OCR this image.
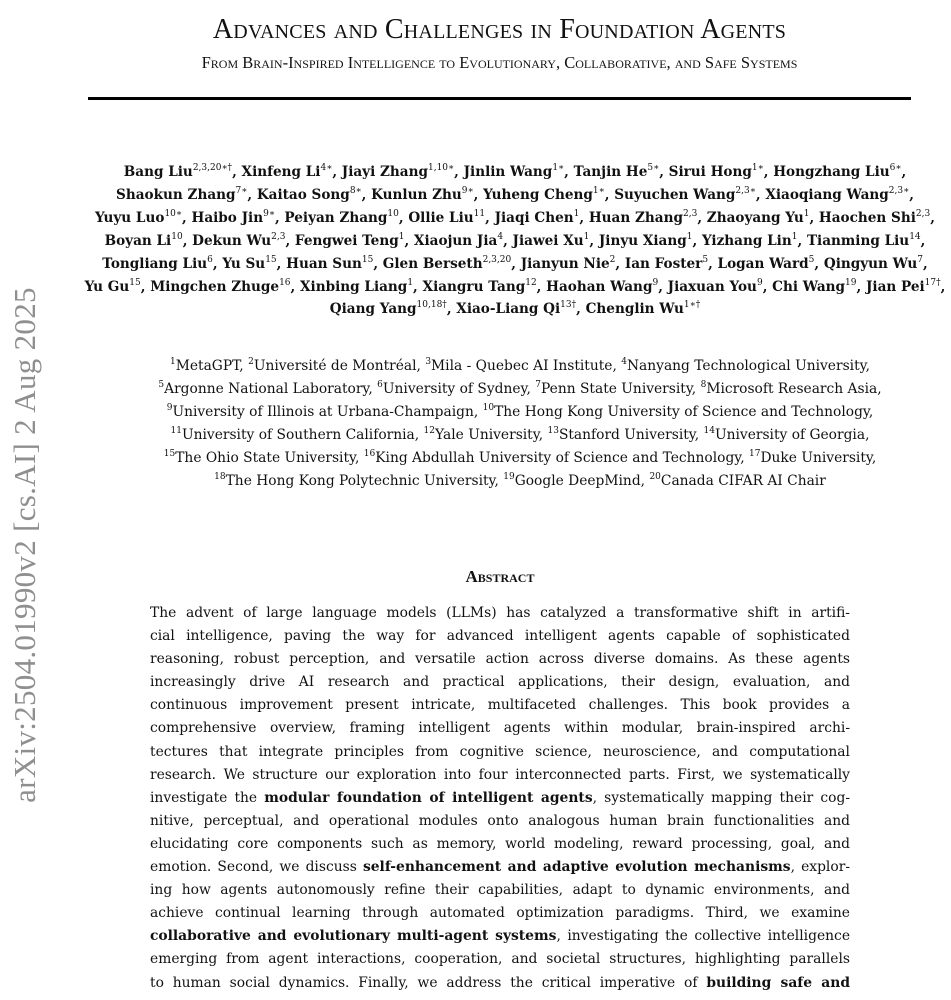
arXiv:2504.01990v2 [cs.AI] 2 Aug 2025
Advances and Challenges in Foundation Agents
From Brain-Inspired Intelligence to Evolutionary, Collaborative, and Safe Systems
Bang Liu$^{2,3,20∗\dagger}$, Xinfeng $Li^{4∗}$, Jiayi Zhang$^{1,10∗}$, Jinlin Wang$^{1∗}$, Tanjin $He^{5∗}$, Sirui Hong$^{1∗}$, Hongzhang Liu$^{6∗}$, Shaokun Zhang$^{7∗}$, Kaitao Song$^{8∗}$, Kunlun Zhu$^{9∗}$, Yuheng Cheng$^{1∗}$, Suyuchen Wang$^{2,3∗}$, Xiaoqiang Wang$^{2,3∗}$, Yuyu Luo$^{10∗}$, Haibo Jin$^{9∗}$, Peiyan Zhang$^{10}$, Ollie Liu$^{11}$, Jiaqi Chen$^1$, Huan Zhang$^{2,3}$, Zhaoyang Yu$^1$, Haochen Shi$^{2,3}$, Boyan Li$^{10}$, Dekun Wu$^{2,3}$, Fengwei Teng$^1$, Xiaojun Jia$^4$, Jiawei Xu$^1$, Jinyu Xiang$^1$, Yizhang Lin$^1$, Tianming Liu$^{14}$, Tongliang Liu$^6$, Yu Su$^{15}$, Huan Sun$^{15}$, Glen Berseth$^{2,3,20}$, Jianyun Nie$^2$, Ian Foster$^5$, Logan Ward$^5$, Qingyun Wu$^7$, Yu Gu$^{15}$, Mingchen Zhuge$^{16}$, Xinbing Liang$^1$, Xiangru Tang$^{12}$, Haohan Wang$^9$, Jiaxuan You$^9$, Chi Wang$^{19}$, Jian Pei$^{17\dagger}$, Qiang Yang$^{10,18\dagger}$, Xiao-Liang $Qi^{13\dagger}$, Chenglin $Wu^{1∗\dagger}$
$^1$MetaGPT, $^2$Université de Montréal, $^3$Mila - Quebec AI Institute, $^4$Nanyang Technological University, $^5$Argonne National Laboratory, $^6$University of Sydney, $^7$Penn State University, $^8$Microsoft Research Asia, $^9$University of Illinois at Urbana-Champaign, $^{10}$The Hong Kong University of Science and Technology, $^{11}$University of Southern California, $^{12}$Yale University, $^{13}$Stanford University, $^{14}$University of Georgia, $^{15}$The Ohio State University, $^{16}$King Abdullah University of Science and Technology, $^{17}$Duke University, $^{18}$The Hong Kong Polytechnic University, $^{19}$Google DeepMind, $^{20}$Canada CIFAR AI Chair
Abstract
The advent of large language models (LLMs) has catalyzed a transformative shift in artifi-
cial intelligence, paving the way for advanced intelligent agents capable of sophisticated
reasoning, robust perception, and versatile action across diverse domains. As these agents
increasingly drive AI research and practical applications, their design, evaluation, and
continuous improvement present intricate, multifaceted challenges. This book provides a
comprehensive overview, framing intelligent agents within modular, brain-inspired archi-
tectures that integrate principles from cognitive science, neuroscience, and computational
research. We structure our exploration into four interconnected parts. First, we systematically
investigate the modular foundation of intelligent agents, systematically mapping their cog-
nitive, perceptual, and operational modules onto analogous human brain functionalities and
elucidating core components such as memory, world modeling, reward processing, goal, and
emotion. Second, we discuss self-enhancement and adaptive evolution mechanisms, explor-
ing how agents autonomously refine their capabilities, adapt to dynamic environments, and
achieve continual learning through automated optimization paradigms. Third, we examine
collaborative and evolutionary multi-agent systems, investigating the collective intelligence
emerging from agent interactions, cooperation, and societal structures, highlighting parallels
to human social dynamics. Finally, we address the critical imperative of building safe and
